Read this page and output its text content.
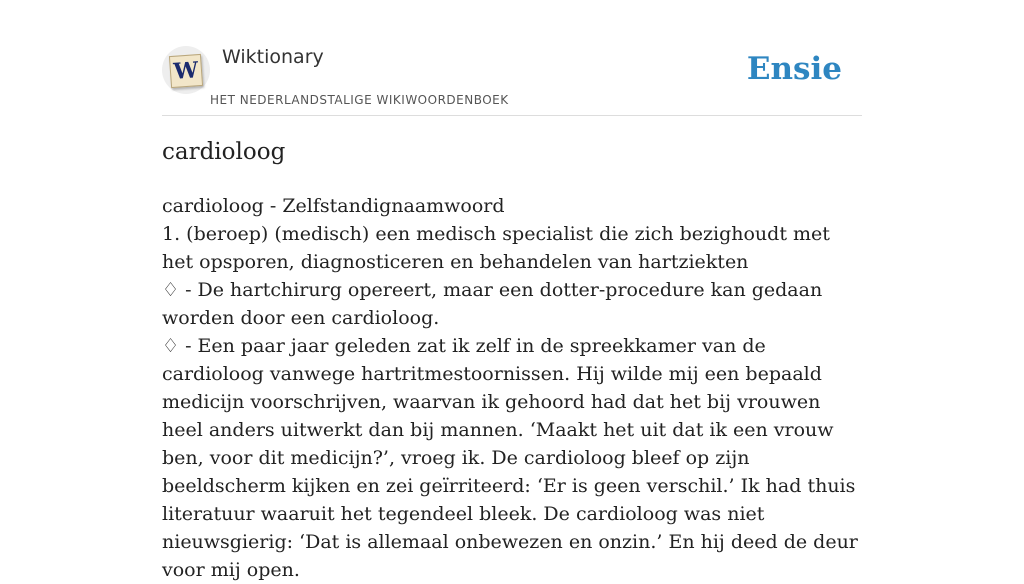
W
Wiktionary
HET NEDERLANDSTALIGE WIKIWOORDENBOEK
Ensie
cardioloog

cardioloog - Zelfstandignaamwoord

1. (beroep) (medisch) een medisch specialist die zich bezighoudt met het opsporen, diagnosticeren en behandelen van hartziekten

♢ - De hartchirurg opereert, maar een dotter-procedure kan gedaan worden door een cardioloog.

♢ - Een paar jaar geleden zat ik zelf in de spreekkamer van de cardioloog vanwege hartritmestoornissen. Hij wilde mij een bepaald medicijn voorschrijven, waarvan ik gehoord had dat het bij vrouwen heel anders uitwerkt dan bij mannen. ‘Maakt het uit dat ik een vrouw ben, voor dit medicijn?’, vroeg ik. De cardioloog bleef op zijn beeldscherm kijken en zei geïrriteerd: ‘Er is geen verschil.’ Ik had thuis literatuur waaruit het tegendeel bleek. De cardioloog was niet nieuwsgierig: ‘Dat is allemaal onbewezen en onzin.’ En hij deed de deur voor mij open.
